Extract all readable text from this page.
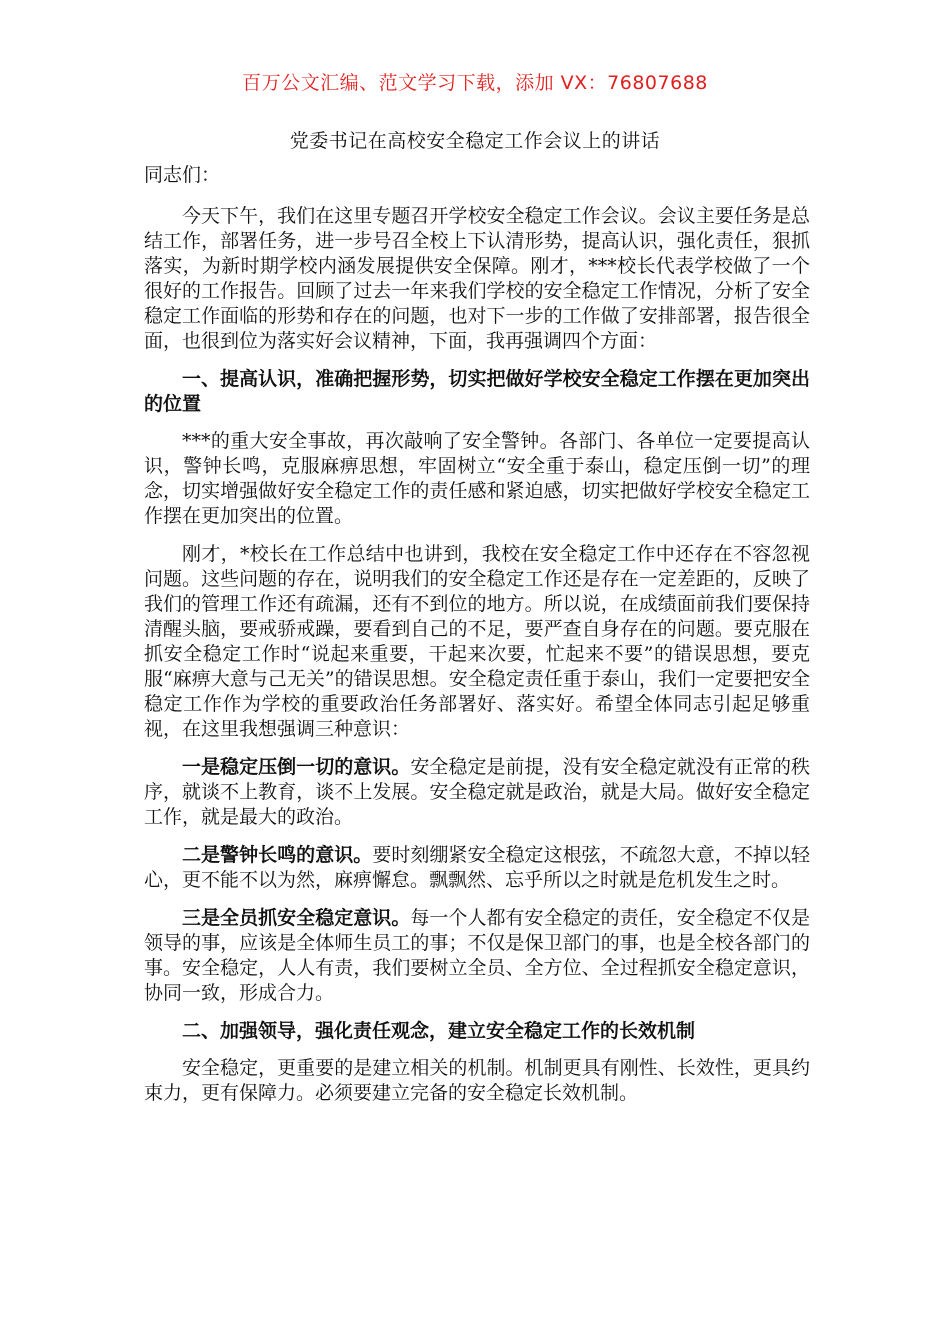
百万公文汇编、范文学习下载，添加 VX：76807688
党委书记在高校安全稳定工作会议上的讲话

同志们：

今天下午，我们在这里专题召开学校安全稳定工作会议。会议主要任务是总结工作，部署任务，进一步号召全校上下认清形势，提高认识，强化责任，狠抓落实，为新时期学校内涵发展提供安全保障。刚才，***校长代表学校做了一个很好的工作报告。回顾了过去一年来我们学校的安全稳定工作情况，分析了安全稳定工作面临的形势和存在的问题，也对下一步的工作做了安排部署，报告很全面，也很到位为落实好会议精神，下面，我再强调四个方面：

一、提高认识，准确把握形势，切实把做好学校安全稳定工作摆在更加突出的位置

***的重大安全事故，再次敲响了安全警钟。各部门、各单位一定要提高认识，警钟长鸣，克服麻痹思想，牢固树立“安全重于泰山，稳定压倒一切”的理念，切实增强做好安全稳定工作的责任感和紧迫感，切实把做好学校安全稳定工作摆在更加突出的位置。

刚才，*校长在工作总结中也讲到，我校在安全稳定工作中还存在不容忽视问题。这些问题的存在，说明我们的安全稳定工作还是存在一定差距的，反映了我们的管理工作还有疏漏，还有不到位的地方。所以说，在成绩面前我们要保持清醒头脑，要戒骄戒躁，要看到自己的不足，要严查自身存在的问题。要克服在抓安全稳定工作时“说起来重要，干起来次要，忙起来不要”的错误思想，要克服“麻痹大意与己无关”的错误思想。安全稳定责任重于泰山，我们一定要把安全稳定工作作为学校的重要政治任务部署好、落实好。希望全体同志引起足够重视，在这里我想强调三种意识：

一是稳定压倒一切的意识。安全稳定是前提，没有安全稳定就没有正常的秩序，就谈不上教育，谈不上发展。安全稳定就是政治，就是大局。做好安全稳定工作，就是最大的政治。

二是警钟长鸣的意识。要时刻绷紧安全稳定这根弦，不疏忽大意，不掉以轻心，更不能不以为然，麻痹懈怠。飘飘然、忘乎所以之时就是危机发生之时。

三是全员抓安全稳定意识。每一个人都有安全稳定的责任，安全稳定不仅是领导的事，应该是全体师生员工的事；不仅是保卫部门的事，也是全校各部门的事。安全稳定，人人有责，我们要树立全员、全方位、全过程抓安全稳定意识，协同一致，形成合力。

二、加强领导，强化责任观念，建立安全稳定工作的长效机制

安全稳定，更重要的是建立相关的机制。机制更具有刚性、长效性，更具约束力，更有保障力。必须要建立完备的安全稳定长效机制。
